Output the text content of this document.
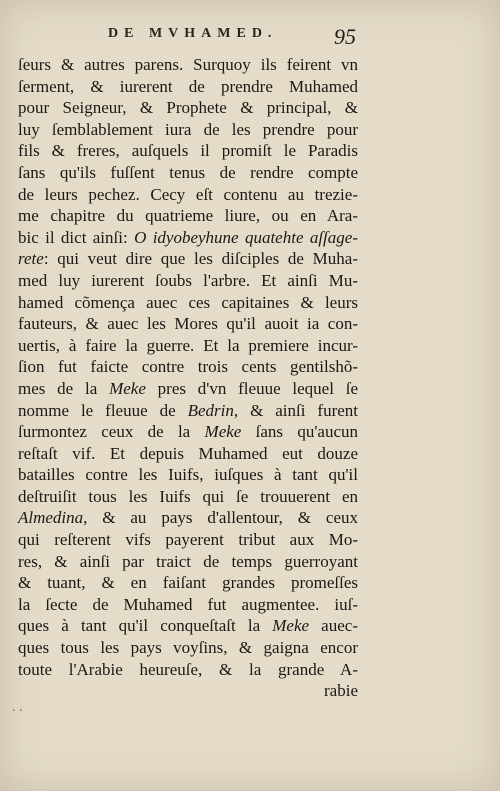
DE MVHAMED.	95
ſeurs & autres parens. Surquoy ils feirent vn
ſerment, & iurerent de prendre Muhamed
pour Seigneur, & Prophete & principal, &
luy ſemblablement iura de les prendre pour
fils & freres, auſquels il promiſt le Paradis
ſans qu'ils fuſſent tenus de rendre compte
de leurs pechez. Cecy eſt contenu au trezie-
me chapitre du quatrieme liure, ou en Ara-
bic il dict ainſi: O idyobeyhune quatehte aſſage-
rete: qui veut dire que les diſciples de Muha-
med luy iurerent ſoubs l'arbre. Et ainſi Mu-
hamed cõmença auec ces capitaines & leurs
fauteurs, & auec les Mores qu'il auoit ia con-
uertis, à faire la guerre. Et la premiere incur-
ſion fut faicte contre trois cents gentilshõ-
mes de la Meke pres d'vn fleuue lequel ſe
nomme le fleuue de Bedrin, & ainſi furent
ſurmontez ceux de la Meke ſans qu'aucun
reſtaſt vif. Et depuis Muhamed eut douze
batailles contre les Iuifs, iuſques à tant qu'il
deſtruiſit tous les Iuifs qui ſe trouuerent en
Almedina, & au pays d'allentour, & ceux
qui reſterent vifs payerent tribut aux Mo-
res, & ainſi par traict de temps guerroyant
& tuant, & en faiſant grandes promeſſes
la ſecte de Muhamed fut augmentee. iuſ-
ques à tant qu'il conqueſtaſt la Meke auec-
ques tous les pays voyſins, & gaigna encor
toute l'Arabie heureuſe, & la grande A-
rabie
. .
